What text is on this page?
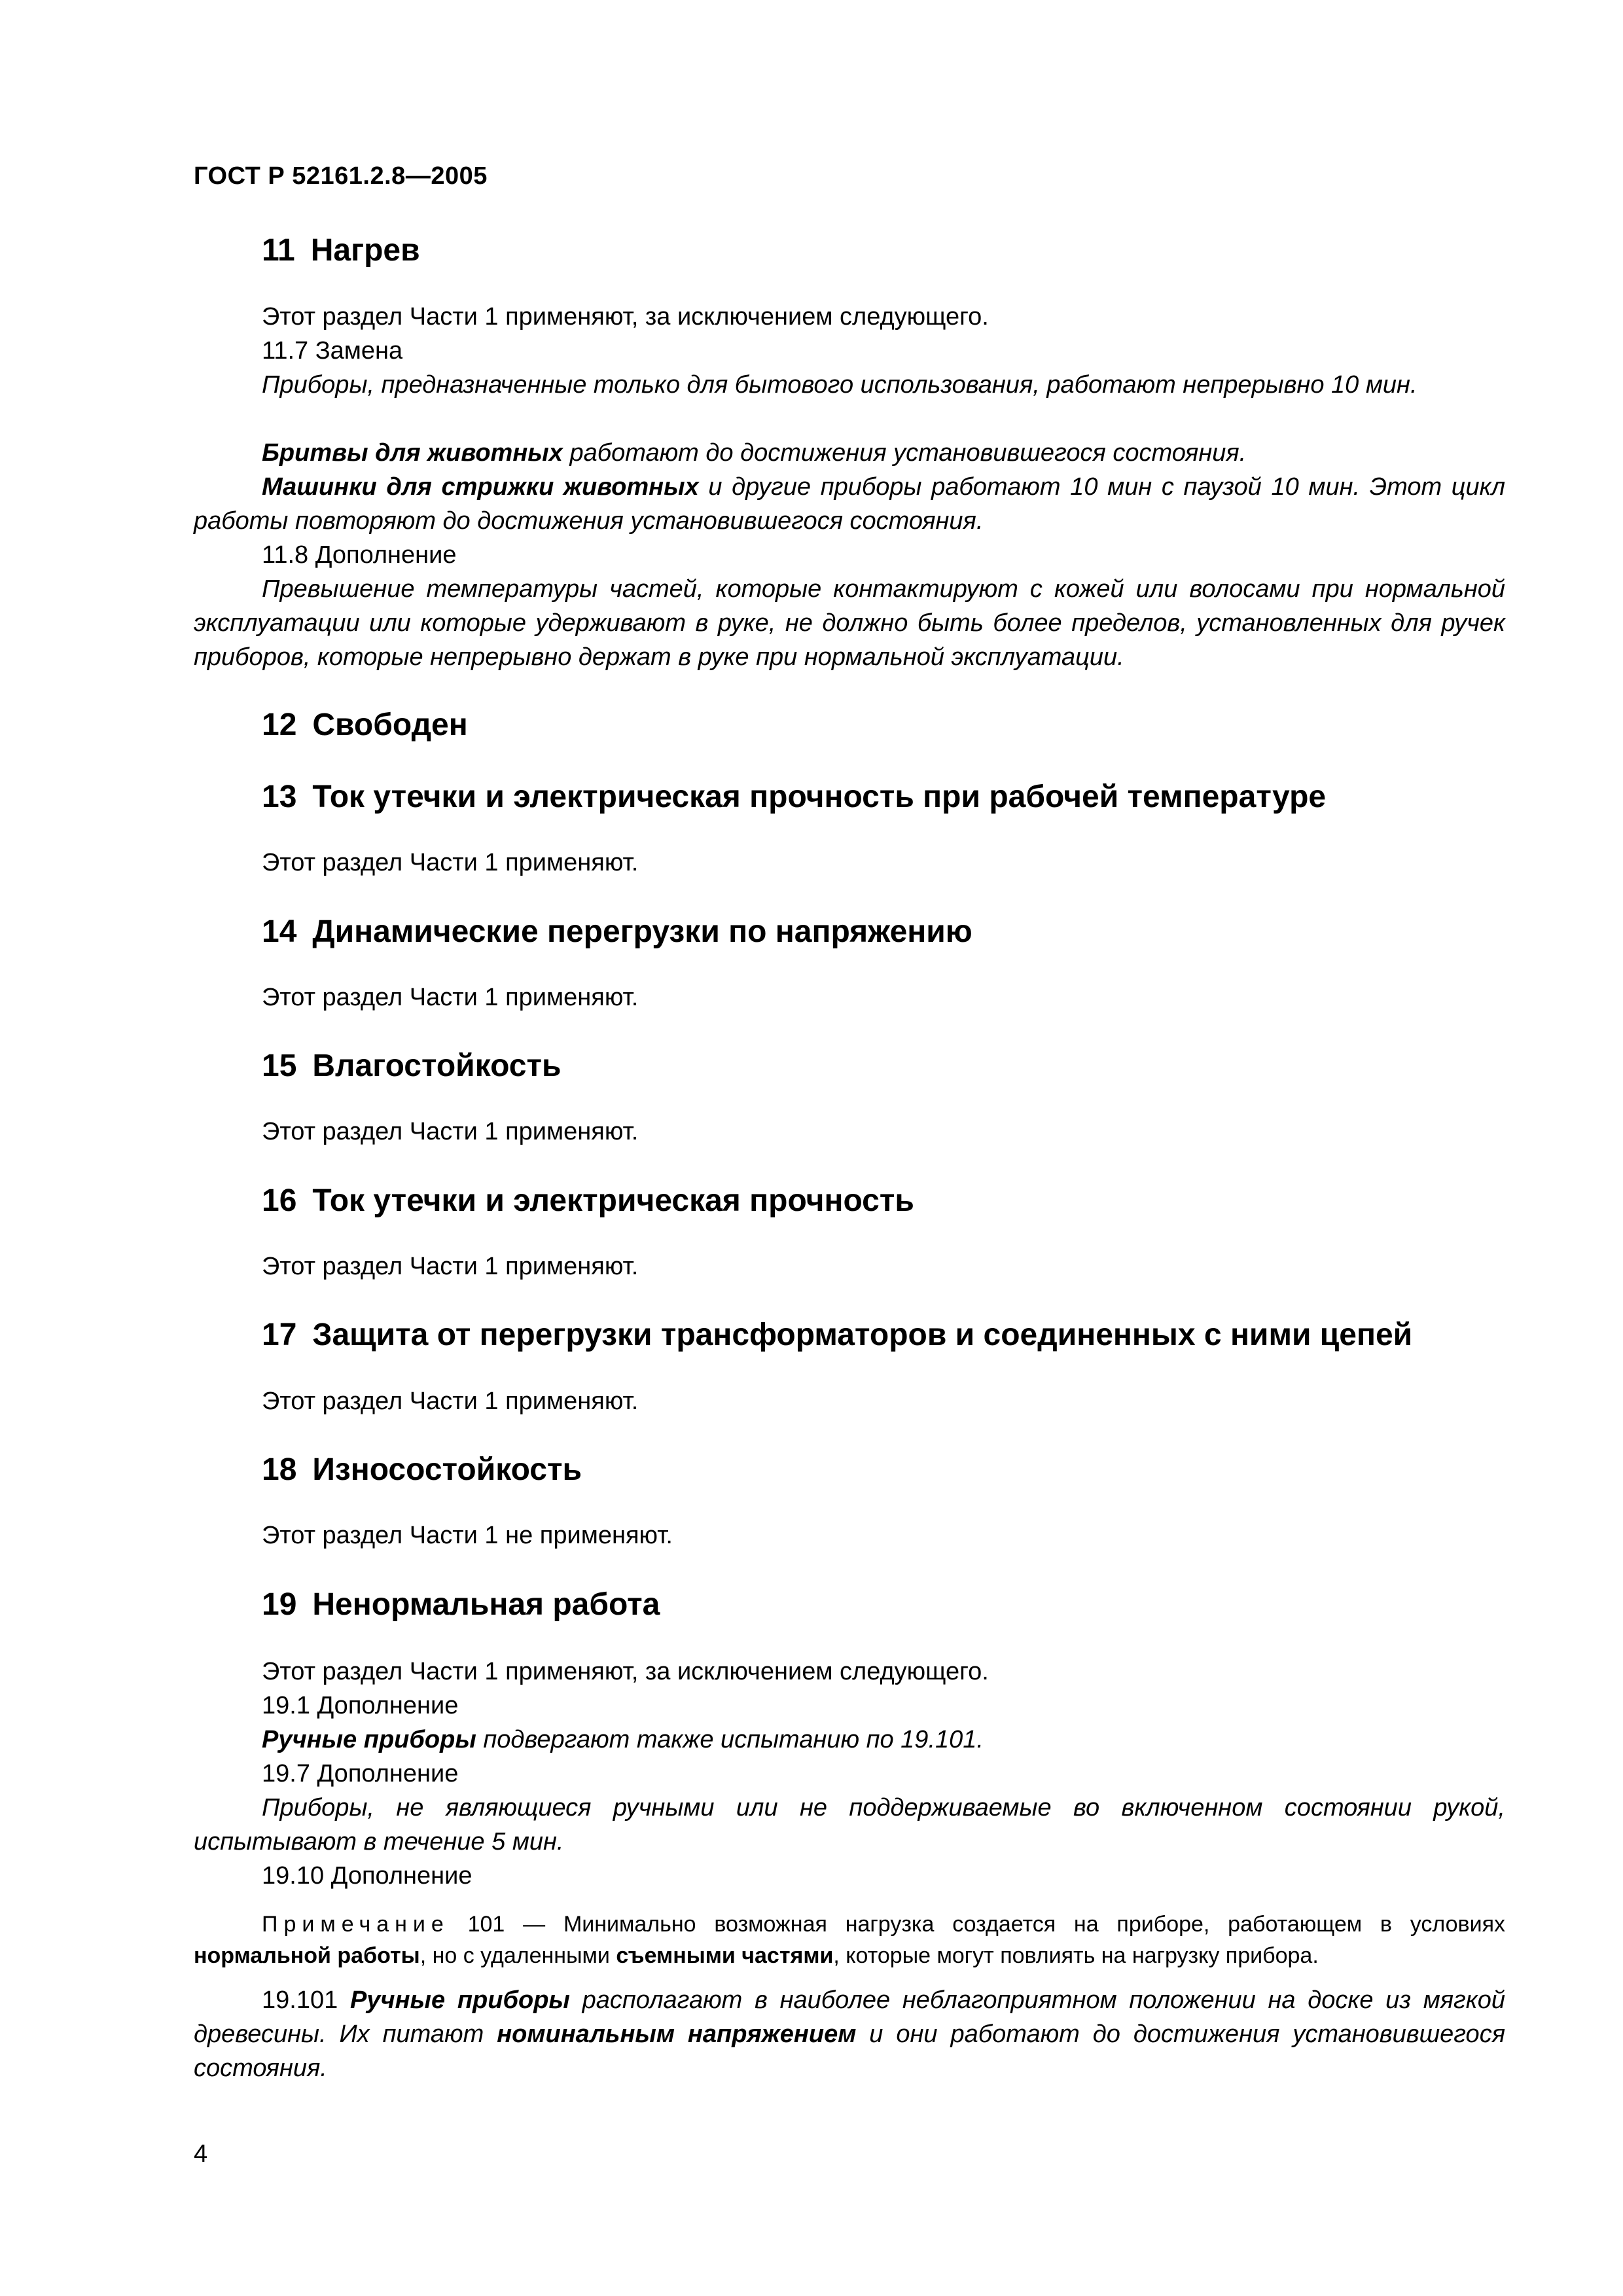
ГОСТ Р 52161.2.8—2005
11 Нагрев

Этот раздел Части 1 применяют, за исключением следующего.

11.7 Замена

Приборы, предназначенные только для бытового использования, работают непрерывно 10 мин.

Бритвы для животных работают до достижения установившегося состояния.

Машинки для стрижки животных и другие приборы работают 10 мин с паузой 10 мин. Этот цикл работы повторяют до достижения установившегося состояния.

11.8 Дополнение

Превышение температуры частей, которые контактируют с кожей или волосами при нормальной эксплуатации или которые удерживают в руке, не должно быть более пределов, установленных для ручек приборов, которые непрерывно держат в руке при нормальной эксплуатации.

12 Свободен
13 Ток утечки и электрическая прочность при рабочей температуре

Этот раздел Части 1 применяют.

14 Динамические перегрузки по напряжению

Этот раздел Части 1 применяют.

15 Влагостойкость

Этот раздел Части 1 применяют.

16 Ток утечки и электрическая прочность

Этот раздел Части 1 применяют.

17 Защита от перегрузки трансформаторов и соединенных с ними цепей

Этот раздел Части 1 применяют.

18 Износостойкость

Этот раздел Части 1 не применяют.

19 Ненормальная работа

Этот раздел Части 1 применяют, за исключением следующего.

19.1 Дополнение

Ручные приборы подвергают также испытанию по 19.101.

19.7 Дополнение

Приборы, не являющиеся ручными или не поддерживаемые во включенном состоянии рукой, испытывают в течение 5 мин.

19.10 Дополнение

Примечание 101 — Минимально возможная нагрузка создается на приборе, работающем в условиях нормальной работы, но с удаленными съемными частями, которые могут повлиять на нагрузку прибора.

19.101 Ручные приборы располагают в наиболее неблагоприятном положении на доске из мягкой древесины. Их питают номинальным напряжением и они работают до достижения установившегося состояния.

4
